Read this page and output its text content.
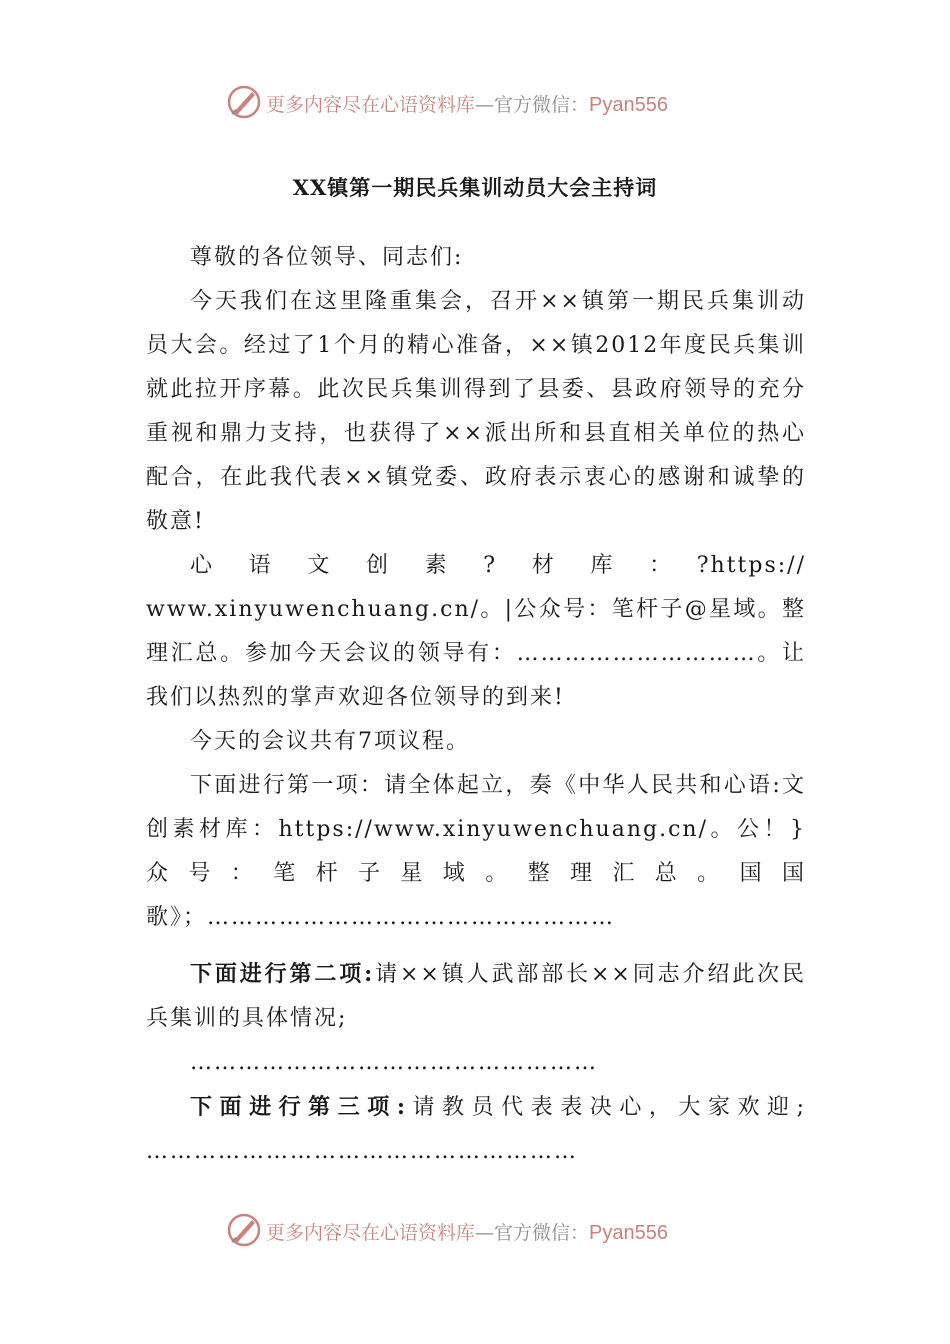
更多内容尽在心语资料库—官方微信：Pyan556
XX镇第一期民兵集训动员大会主持词

尊敬的各位领导、同志们:

今天我们在这里隆重集会，召开××镇第一期民兵集训动员大会。经过了1个月的精心准备，××镇2012年度民兵集训就此拉开序幕。此次民兵集训得到了县委、县政府领导的充分重视和鼎力支持，也获得了××派出所和县直相关单位的热心配合，在此我代表××镇党委、政府表示衷心的感谢和诚挚的敬意!

心　语　文　创　素　?　材　库　：　?https://

www.xinyuwenchuang.cn/。|公众号：笔杆子@星域。整理汇总。参加今天会议的领导有：…………………………。让我们以热烈的掌声欢迎各位领导的到来!

今天的会议共有7项议程。

下面进行第一项：请全体起立，奏《中华人民共和心语:文创素材库：https://www.xinyuwenchuang.cn/。公！}众号：笔杆子星域。整理汇总。国国歌》；……………………………………………

下面进行第二项:请××镇人武部部长××同志介绍此次民兵集训的具体情况;

……………………………………………

下面进行第三项:请教员代表表决心，大家欢迎; ………………………………………………

更多内容尽在心语资料库—官方微信：Pyan556
